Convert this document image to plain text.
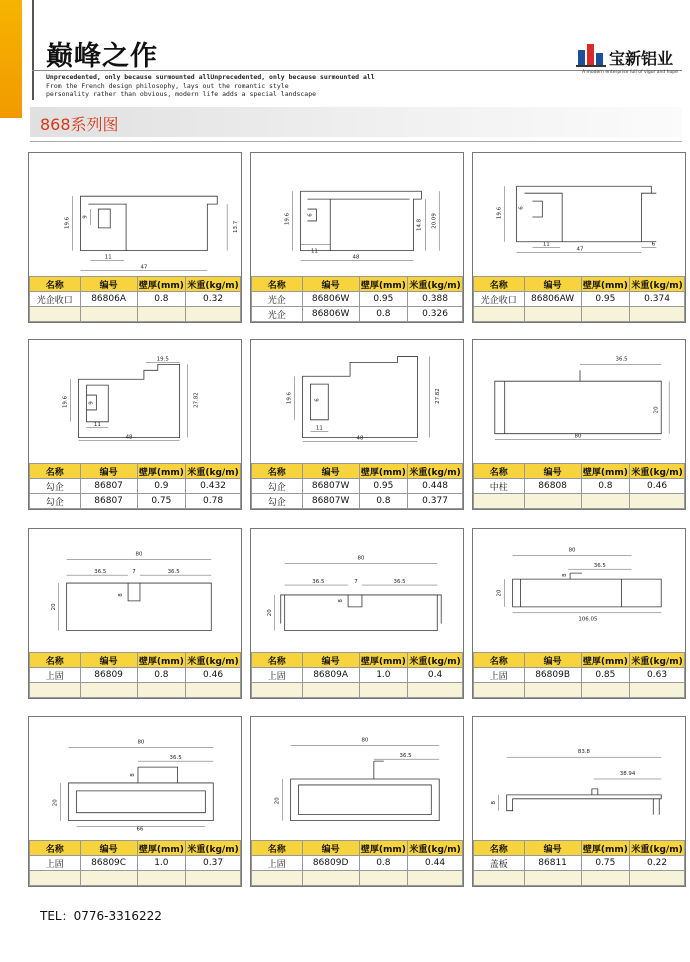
巅峰之作
Unprecedented, only because surmounted allUnprecedented, only because surmounted all
From the French design philosophy, lays out the romantic style
personality rather than obvious, modern life adds a special landscape
宝新铝业
A modern enterprise full of vigor and hope
868系列图
19.6 9
11
47
13.7
名称	编号	壁厚(mm)	米重(kg/m)
光企收口	86806A	0.8	0.32

19.6	6
11
48
14.8 20.09
名称	编号	壁厚(mm)	米重(kg/m)
光企	86806W	0.95	0.388
光企	86806W	0.8	0.326
19.6	6
11
47
6
名称	编号	壁厚(mm)	米重(kg/m)
光企收口	86806AW	0.95	0.374

19.5
19.6	9
11
48
27.82
名称	编号	壁厚(mm)	米重(kg/m)
勾企	86807	0.9	0.432
勾企	86807	0.75	0.78
19.6	6
11
48
27.82
名称	编号	壁厚(mm)	米重(kg/m)
勾企	86807W	0.95	0.448
勾企	86807W	0.8	0.377
36.5
20
80
名称	编号	壁厚(mm)	米重(kg/m)
中柱	86808	0.8	0.46

80
36.5	7	36.5
8
20
名称	编号	壁厚(mm)	米重(kg/m)
上固	86809	0.8	0.46

80
36.5	7	36.5
8
20
名称	编号	壁厚(mm)	米重(kg/m)
上固	86809A	1.0	0.4

80
36.5
8
20
106.05
名称	编号	壁厚(mm)	米重(kg/m)
上固	86809B	0.85	0.63

80
36.5
8
20
66
名称	编号	壁厚(mm)	米重(kg/m)
上固	86809C	1.0	0.37

80
36.5
20
名称	编号	壁厚(mm)	米重(kg/m)
上固	86809D	0.8	0.44

83.8
38.94
8
名称	编号	壁厚(mm)	米重(kg/m)
盖板	86811	0.75	0.22

TEL：0776-3316222
